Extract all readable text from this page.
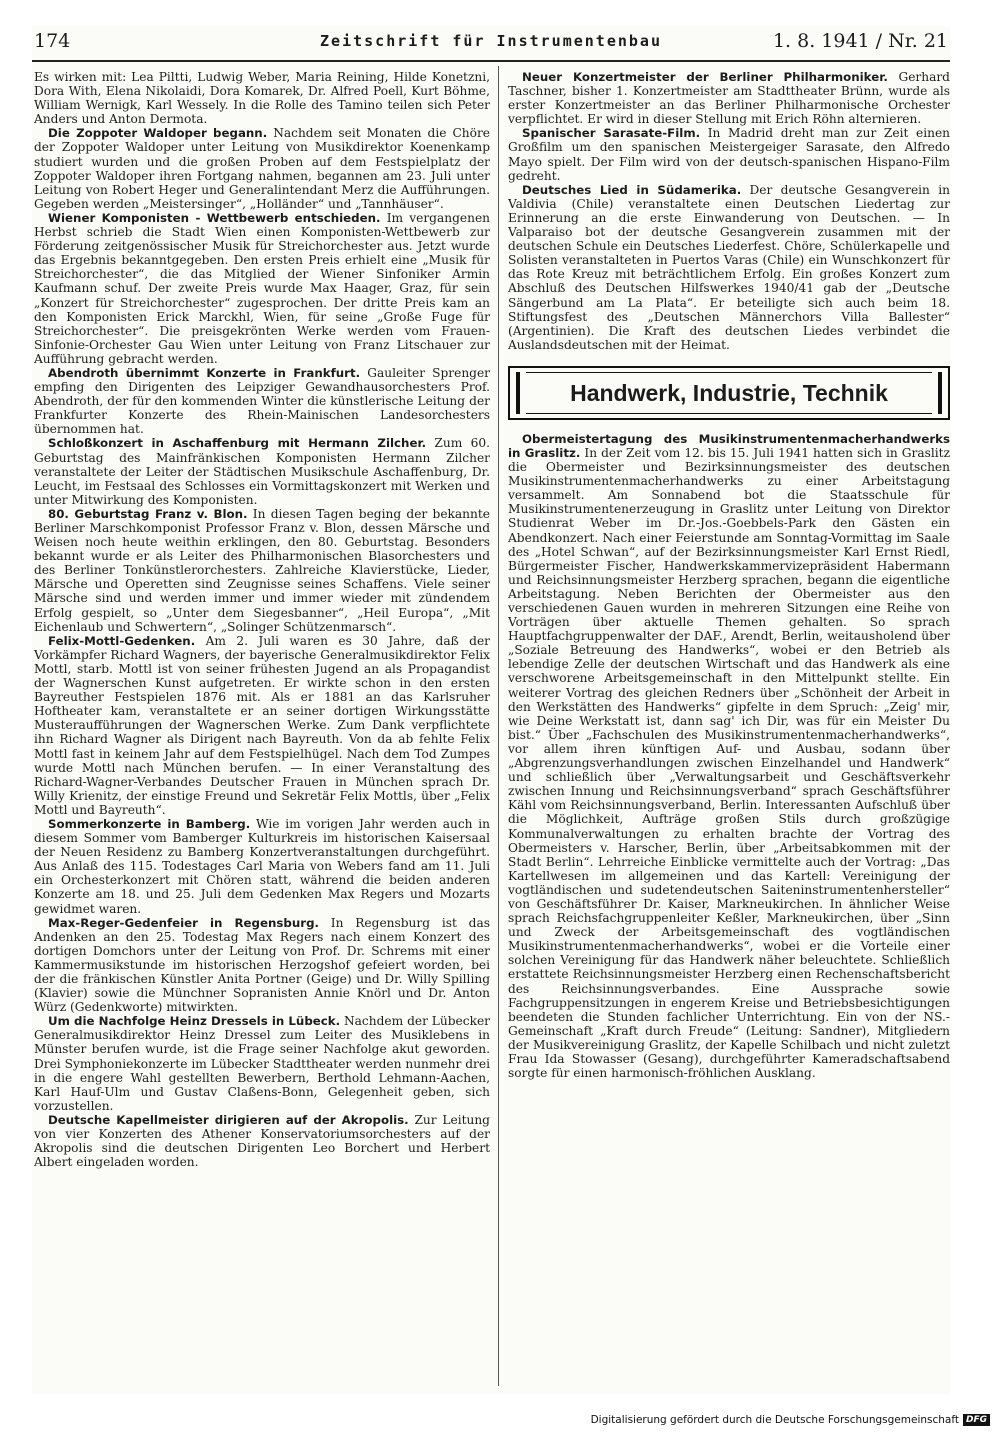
174	Zeitschrift für Instrumentenbau	1. 8. 1941 / Nr. 21

Es wirken mit: Lea Piltti, Ludwig Weber, Maria Reining, Hilde Konetzni, Dora With, Elena Nikolaidi, Dora Komarek, Dr. Alfred Poell, Kurt Böhme, William Wernigk, Karl Wessely. In die Rolle des Tamino teilen sich Peter Anders und Anton Dermota.

Die Zoppoter Waldoper begann. Nachdem seit Monaten die Chöre der Zoppoter Waldoper unter Leitung von Musikdirektor Koenenkamp studiert wurden und die großen Proben auf dem Festspielplatz der Zoppoter Waldoper ihren Fortgang nahmen, begannen am 23. Juli unter Leitung von Robert Heger und Generalintendant Merz die Aufführungen. Gegeben werden „Meistersinger“, „Holländer“ und „Tannhäuser“.

Wiener Komponisten - Wettbewerb entschieden. Im vergangenen Herbst schrieb die Stadt Wien einen Komponisten-Wettbewerb zur Förderung zeitgenössischer Musik für Streichorchester aus. Jetzt wurde das Ergebnis bekanntgegeben. Den ersten Preis erhielt eine „Musik für Streichorchester“, die das Mitglied der Wiener Sinfoniker Armin Kaufmann schuf. Der zweite Preis wurde Max Haager, Graz, für sein „Konzert für Streichorchester“ zugesprochen. Der dritte Preis kam an den Komponisten Erick Marckhl, Wien, für seine „Große Fuge für Streichorchester“. Die preisgekrönten Werke werden vom Frauen-Sinfonie-Orchester Gau Wien unter Leitung von Franz Litschauer zur Aufführung gebracht werden.

Abendroth übernimmt Konzerte in Frankfurt. Gauleiter Sprenger empfing den Dirigenten des Leipziger Gewandhausorchesters Prof. Abendroth, der für den kommenden Winter die künstlerische Leitung der Frankfurter Konzerte des Rhein-Mainischen Landesorchesters übernommen hat.

Schloßkonzert in Aschaffenburg mit Hermann Zilcher. Zum 60. Geburtstag des Mainfränkischen Komponisten Hermann Zilcher veranstaltete der Leiter der Städtischen Musikschule Aschaffenburg, Dr. Leucht, im Festsaal des Schlosses ein Vormittagskonzert mit Werken und unter Mitwirkung des Komponisten.

80. Geburtstag Franz v. Blon. In diesen Tagen beging der bekannte Berliner Marschkomponist Professor Franz v. Blon, dessen Märsche und Weisen noch heute weithin erklingen, den 80. Geburtstag. Besonders bekannt wurde er als Leiter des Philharmonischen Blasorchesters und des Berliner Tonkünstlerorchesters. Zahlreiche Klavierstücke, Lieder, Märsche und Operetten sind Zeugnisse seines Schaffens. Viele seiner Märsche sind und werden immer und immer wieder mit zündendem Erfolg gespielt, so „Unter dem Siegesbanner“, „Heil Europa“, „Mit Eichenlaub und Schwertern“, „Solinger Schützenmarsch“.

Felix-Mottl-Gedenken. Am 2. Juli waren es 30 Jahre, daß der Vorkämpfer Richard Wagners, der bayerische Generalmusikdirektor Felix Mottl, starb. Mottl ist von seiner frühesten Jugend an als Propagandist der Wagnerschen Kunst aufgetreten. Er wirkte schon in den ersten Bayreuther Festspielen 1876 mit. Als er 1881 an das Karlsruher Hoftheater kam, veranstaltete er an seiner dortigen Wirkungsstätte Musteraufführungen der Wagnerschen Werke. Zum Dank verpflichtete ihn Richard Wagner als Dirigent nach Bayreuth. Von da ab fehlte Felix Mottl fast in keinem Jahr auf dem Festspielhügel. Nach dem Tod Zumpes wurde Mottl nach München berufen. — In einer Veranstaltung des Richard-Wagner-Verbandes Deutscher Frauen in München sprach Dr. Willy Krienitz, der einstige Freund und Sekretär Felix Mottls, über „Felix Mottl und Bayreuth“.

Sommerkonzerte in Bamberg. Wie im vorigen Jahr werden auch in diesem Sommer vom Bamberger Kulturkreis im historischen Kaisersaal der Neuen Residenz zu Bamberg Konzertveranstaltungen durchgeführt. Aus Anlaß des 115. Todestages Carl Maria von Webers fand am 11. Juli ein Orchesterkonzert mit Chören statt, während die beiden anderen Konzerte am 18. und 25. Juli dem Gedenken Max Regers und Mozarts gewidmet waren.

Max-Reger-Gedenfeier in Regensburg. In Regensburg ist das Andenken an den 25. Todestag Max Regers nach einem Konzert des dortigen Domchors unter der Leitung von Prof. Dr. Schrems mit einer Kammermusikstunde im historischen Herzogshof gefeiert worden, bei der die fränkischen Künstler Anita Portner (Geige) und Dr. Willy Spilling (Klavier) sowie die Münchner Sopranisten Annie Knörl und Dr. Anton Würz (Gedenkworte) mitwirkten.

Um die Nachfolge Heinz Dressels in Lübeck. Nachdem der Lübecker Generalmusikdirektor Heinz Dressel zum Leiter des Musiklebens in Münster berufen wurde, ist die Frage seiner Nachfolge akut geworden. Drei Symphoniekonzerte im Lübecker Stadttheater werden nunmehr drei in die engere Wahl gestellten Bewerbern, Berthold Lehmann-Aachen, Karl Hauf-Ulm und Gustav Claßens-Bonn, Gelegenheit geben, sich vorzustellen.

Deutsche Kapellmeister dirigieren auf der Akropolis. Zur Leitung von vier Konzerten des Athener Konservatoriumsorchesters auf der Akropolis sind die deutschen Dirigenten Leo Borchert und Herbert Albert eingeladen worden.

Neuer Konzertmeister der Berliner Philharmoniker. Gerhard Taschner, bisher 1. Konzertmeister am Stadttheater Brünn, wurde als erster Konzertmeister an das Berliner Philharmonische Orchester verpflichtet. Er wird in dieser Stellung mit Erich Röhn alternieren.

Spanischer Sarasate-Film. In Madrid dreht man zur Zeit einen Großfilm um den spanischen Meistergeiger Sarasate, den Alfredo Mayo spielt. Der Film wird von der deutsch-spanischen Hispano-Film gedreht.

Deutsches Lied in Südamerika. Der deutsche Gesangverein in Valdivia (Chile) veranstaltete einen Deutschen Liedertag zur Erinnerung an die erste Einwanderung von Deutschen. — In Valparaiso bot der deutsche Gesangverein zusammen mit der deutschen Schule ein Deutsches Liederfest. Chöre, Schülerkapelle und Solisten veranstalteten in Puertos Varas (Chile) ein Wunschkonzert für das Rote Kreuz mit beträchtlichem Erfolg. Ein großes Konzert zum Abschluß des Deutschen Hilfswerkes 1940/41 gab der „Deutsche Sängerbund am La Plata“. Er beteiligte sich auch beim 18. Stiftungsfest des „Deutschen Männerchors Villa Ballester“ (Argentinien). Die Kraft des deutschen Liedes verbindet die Auslandsdeutschen mit der Heimat.

Handwerk, Industrie, Technik

Obermeistertagung des Musikinstrumentenmacherhandwerks in Graslitz. In der Zeit vom 12. bis 15. Juli 1941 hatten sich in Graslitz die Obermeister und Bezirksinnungsmeister des deutschen Musikinstrumentenmacherhandwerks zu einer Arbeitstagung versammelt. Am Sonnabend bot die Staatsschule für Musikinstrumentenerzeugung in Graslitz unter Leitung von Direktor Studienrat Weber im Dr.-Jos.-Goebbels-Park den Gästen ein Abendkonzert. Nach einer Feierstunde am Sonntag-Vormittag im Saale des „Hotel Schwan“, auf der Bezirksinnungsmeister Karl Ernst Riedl, Bürgermeister Fischer, Handwerkskammervizepräsident Habermann und Reichsinnungsmeister Herzberg sprachen, begann die eigentliche Arbeitstagung. Neben Berichten der Obermeister aus den verschiedenen Gauen wurden in mehreren Sitzungen eine Reihe von Vorträgen über aktuelle Themen gehalten. So sprach Hauptfachgruppenwalter der DAF., Arendt, Berlin, weitausholend über „Soziale Betreuung des Handwerks“, wobei er den Betrieb als lebendige Zelle der deutschen Wirtschaft und das Handwerk als eine verschworene Arbeitsgemeinschaft in den Mittelpunkt stellte. Ein weiterer Vortrag des gleichen Redners über „Schönheit der Arbeit in den Werkstätten des Handwerks“ gipfelte in dem Spruch: „Zeig' mir, wie Deine Werkstatt ist, dann sag' ich Dir, was für ein Meister Du bist.“ Über „Fachschulen des Musikinstrumentenmacherhandwerks“, vor allem ihren künftigen Auf- und Ausbau, sodann über „Abgrenzungsverhandlungen zwischen Einzelhandel und Handwerk“ und schließlich über „Verwaltungsarbeit und Geschäftsverkehr zwischen Innung und Reichsinnungsverband“ sprach Geschäftsführer Kähl vom Reichsinnungsverband, Berlin. Interessanten Aufschluß über die Möglichkeit, Aufträge großen Stils durch großzügige Kommunalverwaltungen zu erhalten brachte der Vortrag des Obermeisters v. Harscher, Berlin, über „Arbeitsabkommen mit der Stadt Berlin“. Lehrreiche Einblicke vermittelte auch der Vortrag: „Das Kartellwesen im allgemeinen und das Kartell: Vereinigung der vogtländischen und sudetendeutschen Saiteninstrumentenhersteller“ von Geschäftsführer Dr. Kaiser, Markneukirchen. In ähnlicher Weise sprach Reichsfachgruppenleiter Keßler, Markneukirchen, über „Sinn und Zweck der Arbeitsgemeinschaft des vogtländischen Musikinstrumentenmacherhandwerks“, wobei er die Vorteile einer solchen Vereinigung für das Handwerk näher beleuchtete. Schließlich erstattete Reichsinnungsmeister Herzberg einen Rechenschaftsbericht des Reichsinnungsverbandes. Eine Aussprache sowie Fachgruppensitzungen in engerem Kreise und Betriebsbesichtigungen beendeten die Stunden fachlicher Unterrichtung. Ein von der NS.-Gemeinschaft „Kraft durch Freude“ (Leitung: Sandner), Mitgliedern der Musikvereinigung Graslitz, der Kapelle Schilbach und nicht zuletzt Frau Ida Stowasser (Gesang), durchgeführter Kameradschaftsabend sorgte für einen harmonisch-fröhlichen Ausklang.

Digitalisierung gefördert durch die Deutsche Forschungsgemeinschaft DFG
